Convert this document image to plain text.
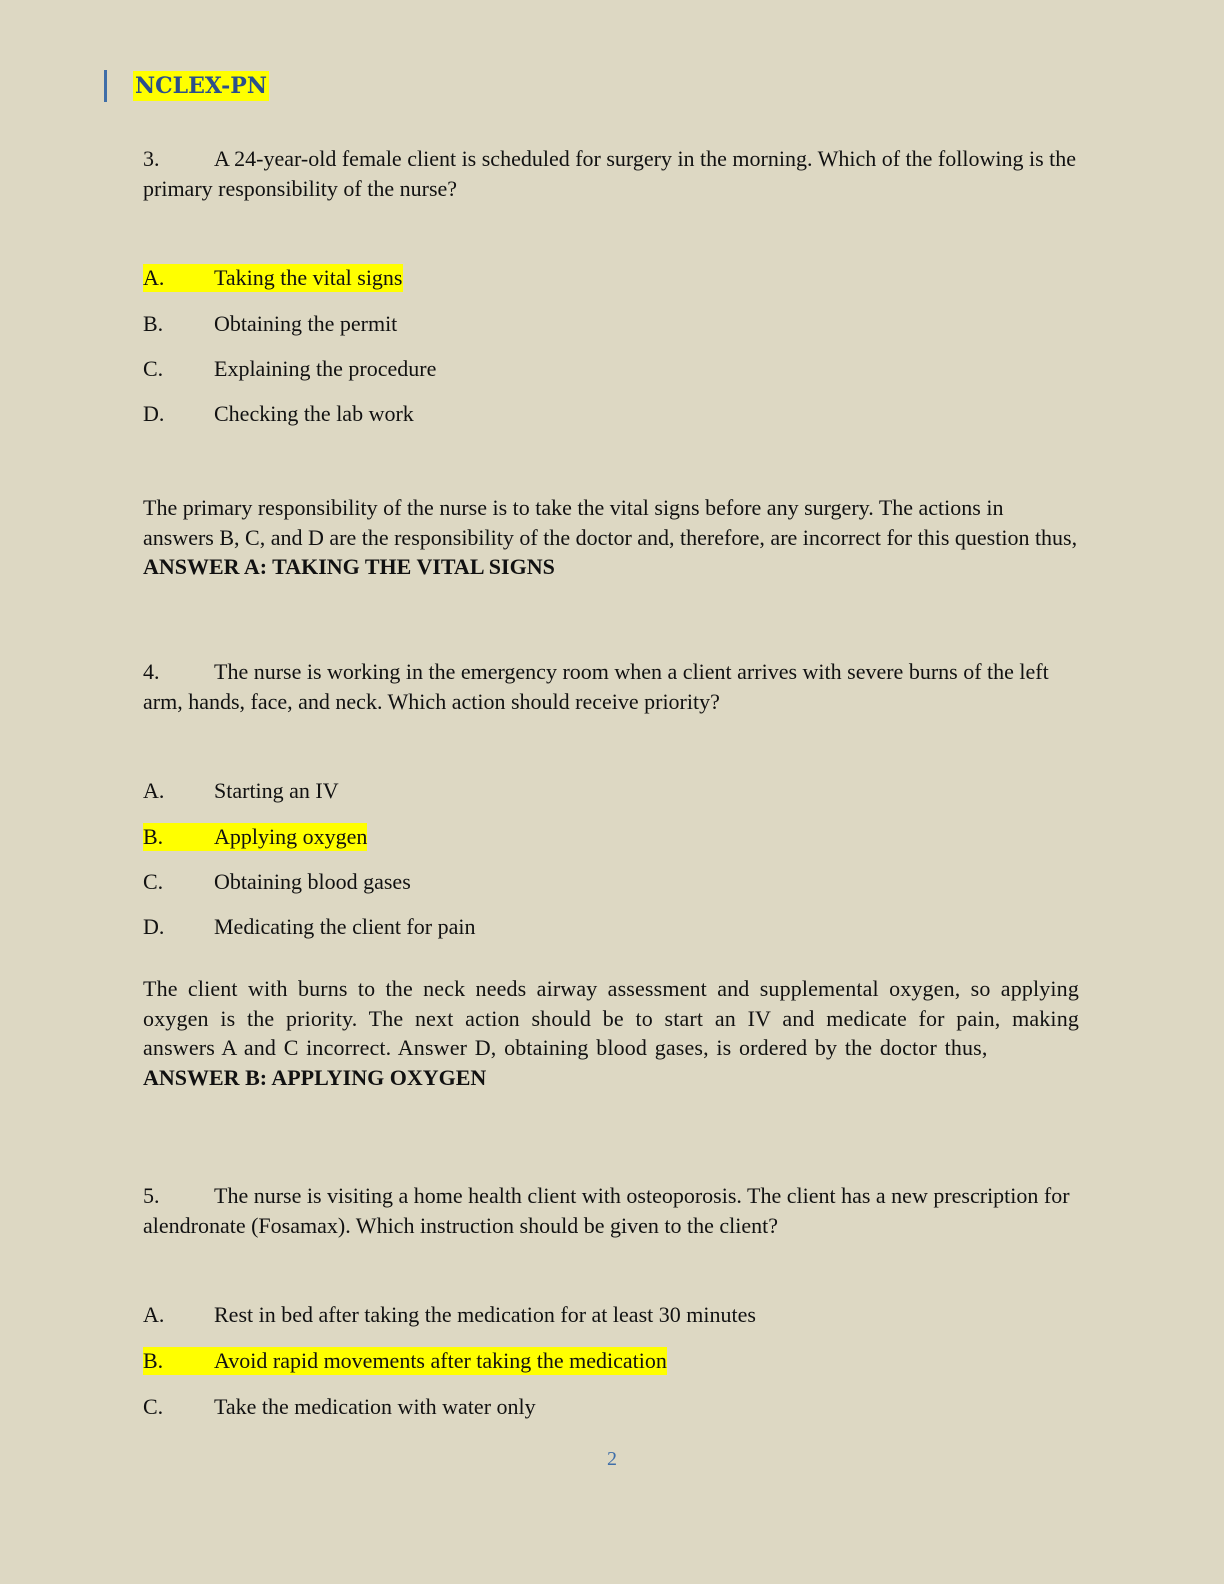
NCLEX-PN
3. A 24-year-old female client is scheduled for surgery in the morning. Which of the following is the primary responsibility of the nurse?
A. Taking the vital signs
B. Obtaining the permit
C. Explaining the procedure
D. Checking the lab work
The primary responsibility of the nurse is to take the vital signs before any surgery. The actions in answers B, C, and D are the responsibility of the doctor and, therefore, are incorrect for this question thus,
ANSWER A: TAKING THE VITAL SIGNS
4. The nurse is working in the emergency room when a client arrives with severe burns of the left arm, hands, face, and neck. Which action should receive priority?
A. Starting an IV
B. Applying oxygen
C. Obtaining blood gases
D. Medicating the client for pain
The client with burns to the neck needs airway assessment and supplemental oxygen, so applying oxygen is the priority. The next action should be to start an IV and medicate for pain, making answers A and C incorrect. Answer D, obtaining blood gases, is ordered by the doctor thus,
ANSWER B: APPLYING OXYGEN
5. The nurse is visiting a home health client with osteoporosis. The client has a new prescription for alendronate (Fosamax). Which instruction should be given to the client?
A. Rest in bed after taking the medication for at least 30 minutes
B. Avoid rapid movements after taking the medication
C. Take the medication with water only
2
